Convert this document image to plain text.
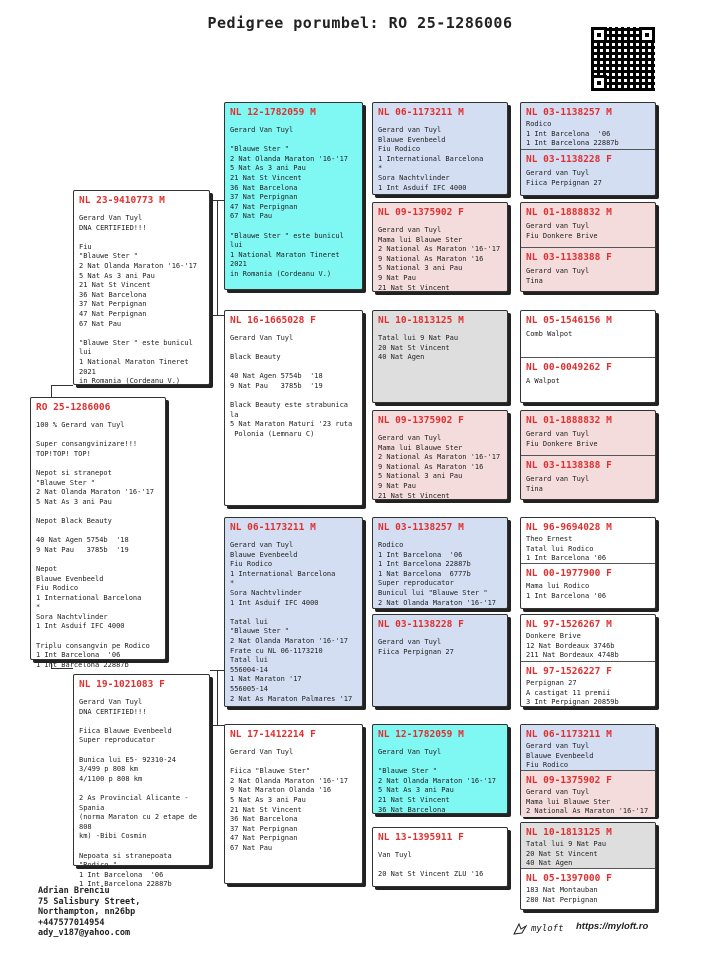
Pedigree porumbel: RO 25-1286006
RO 25-1286006
100 % Gerard van Tuyl

Super consangvinizare!!!
TOP!TOP! TOP!

Nepot si stranepot
"Blauwe Ster "
2 Nat Olanda Maraton '16-'17
5 Nat As 3 ani Pau

Nepot Black Beauty

40 Nat Agen 5754b  '18
9 Nat Pau   3785b  '19

Nepot
Blauwe Evenbeeld
Fiu Rodico
1 International Barcelona
*
Sora Nachtvlinder
1 Int Asduif IFC 4000

Triplu consangvin pe Rodico
1 Int Barcelona  '06
1 Int Barcelona 22887b
NL 23-9410773 M
Gerard Van Tuyl
DNA CERTIFIED!!!

Fiu
"Blauwe Ster "
2 Nat Olanda Maraton '16-'17
5 Nat As 3 ani Pau
21 Nat St Vincent
36 Nat Barcelona
37 Nat Perpignan
47 Nat Perpignan
67 Nat Pau

"Blauwe Ster " este bunicul lui
1 National Maraton Tineret 2021
in Romania (Cordeanu V.)
NL 19-1021083 F
Gerard Van Tuyl
DNA CERTIFIED!!!

Fiica Blauwe Evenbeeld
Super reproducator

Bunica lui E5- 92310-24
3/499 p 808 km
4/1100 p 808 km

2 As Provincial Alicante -Spania
(norma Maraton cu 2 etape de 808
km) -Bibi Cosmin

Nepoata si stranepoata "Rodico "
1 Int Barcelona  '06
1 Int Barcelona 22887b
NL 12-1782059 M
Gerard Van Tuyl

"Blauwe Ster "
2 Nat Olanda Maraton '16-'17
5 Nat As 3 ani Pau
21 Nat St Vincent
36 Nat Barcelona
37 Nat Perpignan
47 Nat Perpignan
67 Nat Pau

"Blauwe Ster " este bunicul lui
1 National Maraton Tineret 2021
in Romania (Cordeanu V.)
NL 16-1665028 F
Gerard Van Tuyl

Black Beauty

40 Nat Agen 5754b  '18
9 Nat Pau   3785b  '19

Black Beauty este strabunica la
5 Nat Maraton Maturi '23 ruta
Polonia (Lemnaru C)
NL 06-1173211 M
Gerard van Tuyl
Blauwe Evenbeeld
Fiu Rodico
1 International Barcelona
*
Sora Nachtvlinder
1 Int Asduif IFC 4000

Tatal lui
"Blauwe Ster "
2 Nat Olanda Maraton '16-'17
Frate cu NL 06-1173210
Tatal lui
556004-14
1 Nat Maraton '17
556005-14
2 Nat As Maraton Palmares '17
NL 17-1412214 F
Gerard Van Tuyl

Fiica "Blauwe Ster"
2 Nat Olanda Maraton '16-'17
9 Nat Maraton Olanda '16
5 Nat As 3 ani Pau
21 Nat St Vincent
36 Nat Barcelona
37 Nat Perpignan
47 Nat Perpignan
67 Nat Pau
NL 06-1173211 M
Gerard van Tuyl
Blauwe Evenbeeld
Fiu Rodico
1 International Barcelona
*
Sora Nachtvlinder
1 Int Asduif IFC 4000
NL 09-1375902 F
Gerard van Tuyl
Mama lui Blauwe Ster
2 National As Maraton '16-'17
9 National As Maraton '16
5 National 3 ani Pau
9 Nat Pau
21 Nat St Vincent
NL 10-1813125 M
Tatal lui 9 Nat Pau
20 Nat St Vincent
40 Nat Agen
NL 09-1375902 F
Gerard van Tuyl
Mama lui Blauwe Ster
2 National As Maraton '16-'17
9 National As Maraton '16
5 National 3 ani Pau
9 Nat Pau
21 Nat St Vincent
NL 03-1138257 M
Rodico
1 Int Barcelona  '06
1 Int Barcelona 22887b
1 Nat Barcelona  6777b
Super reproducator
Bunicul lui "Blauwe Ster "
2 Nat Olanda Maraton '16-'17
NL 03-1138228 F
Gerard van Tuyl
Fiica Perpignan 27
NL 12-1782059 M
Gerard Van Tuyl

"Blauwe Ster "
2 Nat Olanda Maraton '16-'17
5 Nat As 3 ani Pau
21 Nat St Vincent
36 Nat Barcelona
NL 13-1395911 F
Van Tuyl

20 Nat St Vincent ZLU '16
NL 03-1138257 M
Rodico
1 Int Barcelona  '06
1 Int Barcelona 22887b
NL 03-1138228 F
Gerard van Tuyl
Fiica Perpignan 27
NL 01-1888832 M
Gerard van Tuyl
Fiu Donkere Brive
NL 03-1138388 F
Gerard van Tuyl
Tina
NL 05-1546156 M
Comb Walpot
NL 00-0049262 F
A Walpot
NL 01-1888832 M
Gerard van Tuyl
Fiu Donkere Brive
NL 03-1138388 F
Gerard van Tuyl
Tina
NL 96-9694028 M
Theo Ernest
Tatal lui Rodico
1 Int Barcelona '06
NL 00-1977900 F
Mama lui Rodico
1 Int Barcelona '06
NL 97-1526267 M
Donkere Brive
12 Nat Bordeaux 3746b
211 Nat Bordeaux 4748b
NL 97-1526227 F
Perpignan 27
A castigat 11 premii
3 Int Perpignan 20859b
NL 06-1173211 M
Gerard van Tuyl
Blauwe Evenbeeld
Fiu Rodico
NL 09-1375902 F
Gerard van Tuyl
Mama lui Blauwe Ster
2 National As Maraton '16-'17
NL 10-1813125 M
Tatal lui 9 Nat Pau
20 Nat St Vincent
40 Nat Agen
NL 05-1397000 F
183 Nat Montauban
280 Nat Perpignan
Adrian Brenciu
75 Salisbury Street,
Northampton, nn26bp
+447577014954
ady_v187@yahoo.com	myloft https://myloft.ro
